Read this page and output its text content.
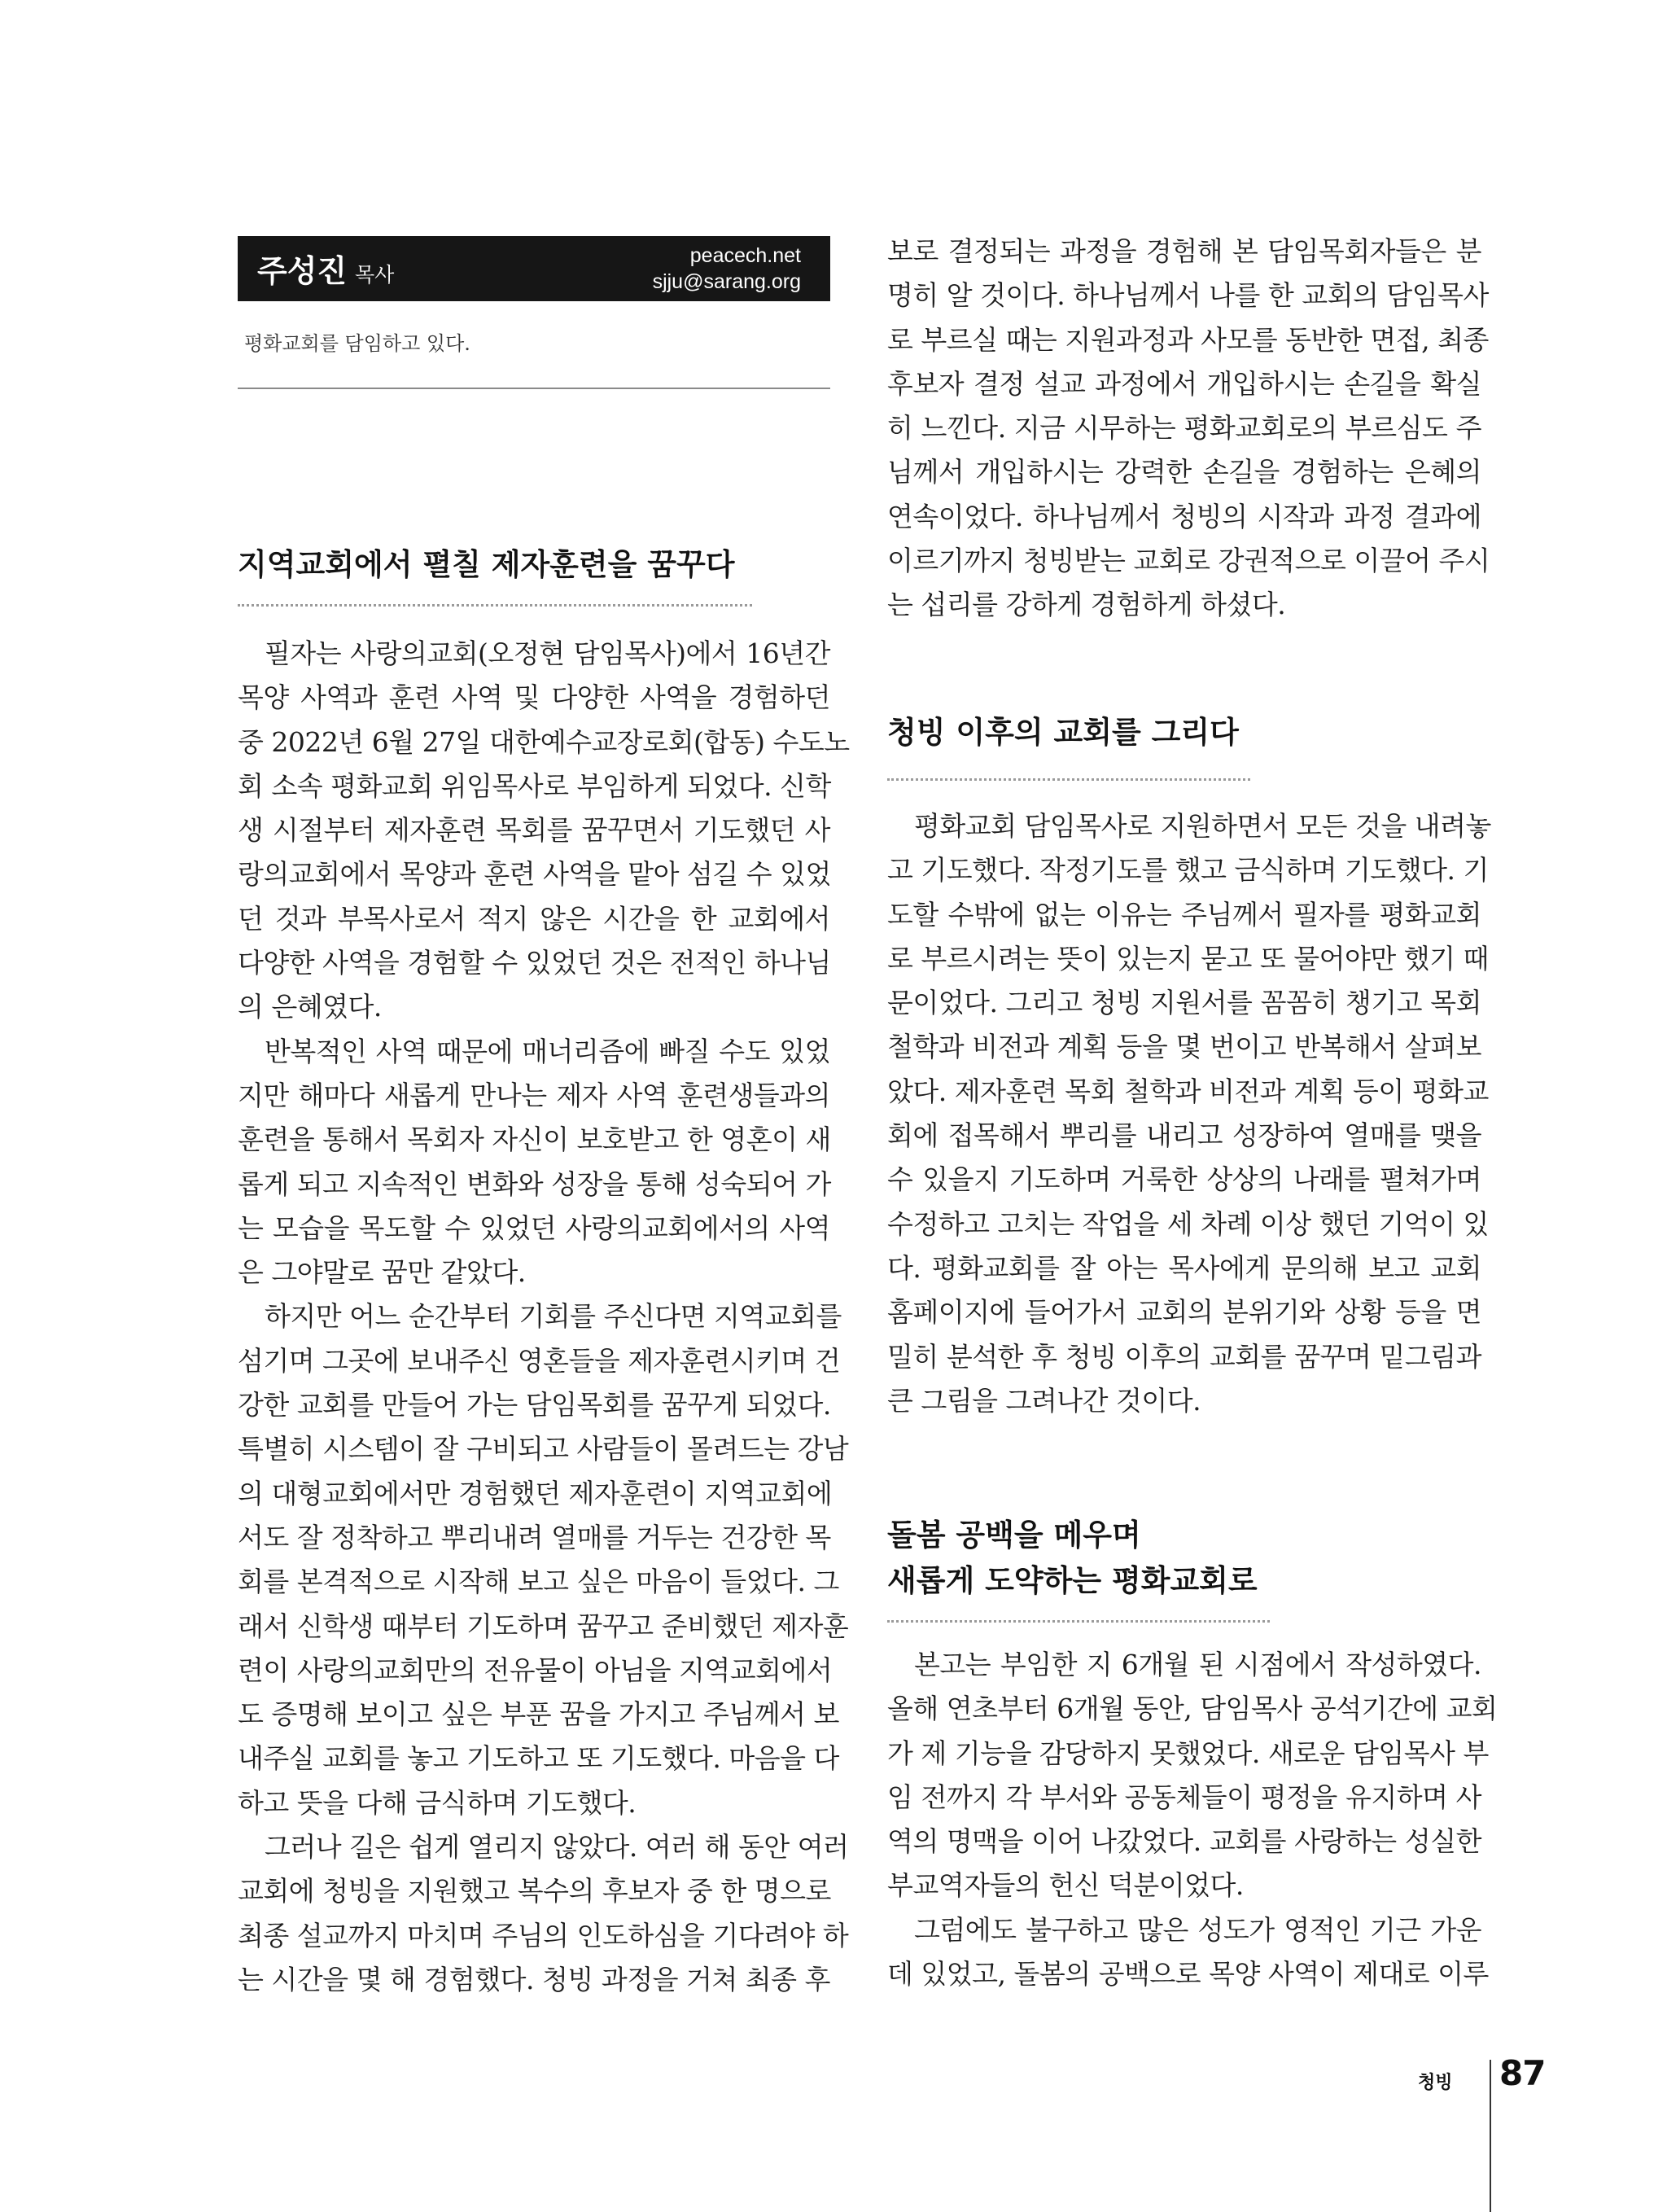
주성진 목사
peacech.net
sjju@sarang.org
평화교회를 담임하고 있다.
지역교회에서 펼칠 제자훈련을 꿈꾸다
필자는 사랑의교회(오정현 담임목사)에서 16년간
목양 사역과 훈련 사역 및 다양한 사역을 경험하던
중 2022년 6월 27일 대한예수교장로회(합동) 수도노
회 소속 평화교회 위임목사로 부임하게 되었다. 신학
생 시절부터 제자훈련 목회를 꿈꾸면서 기도했던 사
랑의교회에서 목양과 훈련 사역을 맡아 섬길 수 있었
던 것과 부목사로서 적지 않은 시간을 한 교회에서
다양한 사역을 경험할 수 있었던 것은 전적인 하나님
의 은혜였다.
반복적인 사역 때문에 매너리즘에 빠질 수도 있었
지만 해마다 새롭게 만나는 제자 사역 훈련생들과의
훈련을 통해서 목회자 자신이 보호받고 한 영혼이 새
롭게 되고 지속적인 변화와 성장을 통해 성숙되어 가
는 모습을 목도할 수 있었던 사랑의교회에서의 사역
은 그야말로 꿈만 같았다.
하지만 어느 순간부터 기회를 주신다면 지역교회를
섬기며 그곳에 보내주신 영혼들을 제자훈련시키며 건
강한 교회를 만들어 가는 담임목회를 꿈꾸게 되었다.
특별히 시스템이 잘 구비되고 사람들이 몰려드는 강남
의 대형교회에서만 경험했던 제자훈련이 지역교회에
서도 잘 정착하고 뿌리내려 열매를 거두는 건강한 목
회를 본격적으로 시작해 보고 싶은 마음이 들었다. 그
래서 신학생 때부터 기도하며 꿈꾸고 준비했던 제자훈
련이 사랑의교회만의 전유물이 아님을 지역교회에서
도 증명해 보이고 싶은 부푼 꿈을 가지고 주님께서 보
내주실 교회를 놓고 기도하고 또 기도했다. 마음을 다
하고 뜻을 다해 금식하며 기도했다.
그러나 길은 쉽게 열리지 않았다. 여러 해 동안 여러
교회에 청빙을 지원했고 복수의 후보자 중 한 명으로
최종 설교까지 마치며 주님의 인도하심을 기다려야 하
는 시간을 몇 해 경험했다. 청빙 과정을 거쳐 최종 후
보로 결정되는 과정을 경험해 본 담임목회자들은 분
명히 알 것이다. 하나님께서 나를 한 교회의 담임목사
로 부르실 때는 지원과정과 사모를 동반한 면접, 최종
후보자 결정 설교 과정에서 개입하시는 손길을 확실
히 느낀다. 지금 시무하는 평화교회로의 부르심도 주
님께서 개입하시는 강력한 손길을 경험하는 은혜의
연속이었다. 하나님께서 청빙의 시작과 과정 결과에
이르기까지 청빙받는 교회로 강권적으로 이끌어 주시
는 섭리를 강하게 경험하게 하셨다.
청빙 이후의 교회를 그리다
평화교회 담임목사로 지원하면서 모든 것을 내려놓
고 기도했다. 작정기도를 했고 금식하며 기도했다. 기
도할 수밖에 없는 이유는 주님께서 필자를 평화교회
로 부르시려는 뜻이 있는지 묻고 또 물어야만 했기 때
문이었다. 그리고 청빙 지원서를 꼼꼼히 챙기고 목회
철학과 비전과 계획 등을 몇 번이고 반복해서 살펴보
았다. 제자훈련 목회 철학과 비전과 계획 등이 평화교
회에 접목해서 뿌리를 내리고 성장하여 열매를 맺을
수 있을지 기도하며 거룩한 상상의 나래를 펼쳐가며
수정하고 고치는 작업을 세 차례 이상 했던 기억이 있
다. 평화교회를 잘 아는 목사에게 문의해 보고 교회
홈페이지에 들어가서 교회의 분위기와 상황 등을 면
밀히 분석한 후 청빙 이후의 교회를 꿈꾸며 밑그림과
큰 그림을 그려나간 것이다.
돌봄 공백을 메우며
새롭게 도약하는 평화교회로
본고는 부임한 지 6개월 된 시점에서 작성하였다.
올해 연초부터 6개월 동안, 담임목사 공석기간에 교회
가 제 기능을 감당하지 못했었다. 새로운 담임목사 부
임 전까지 각 부서와 공동체들이 평정을 유지하며 사
역의 명맥을 이어 나갔었다. 교회를 사랑하는 성실한
부교역자들의 헌신 덕분이었다.
그럼에도 불구하고 많은 성도가 영적인 기근 가운
데 있었고, 돌봄의 공백으로 목양 사역이 제대로 이루
청빙 87
